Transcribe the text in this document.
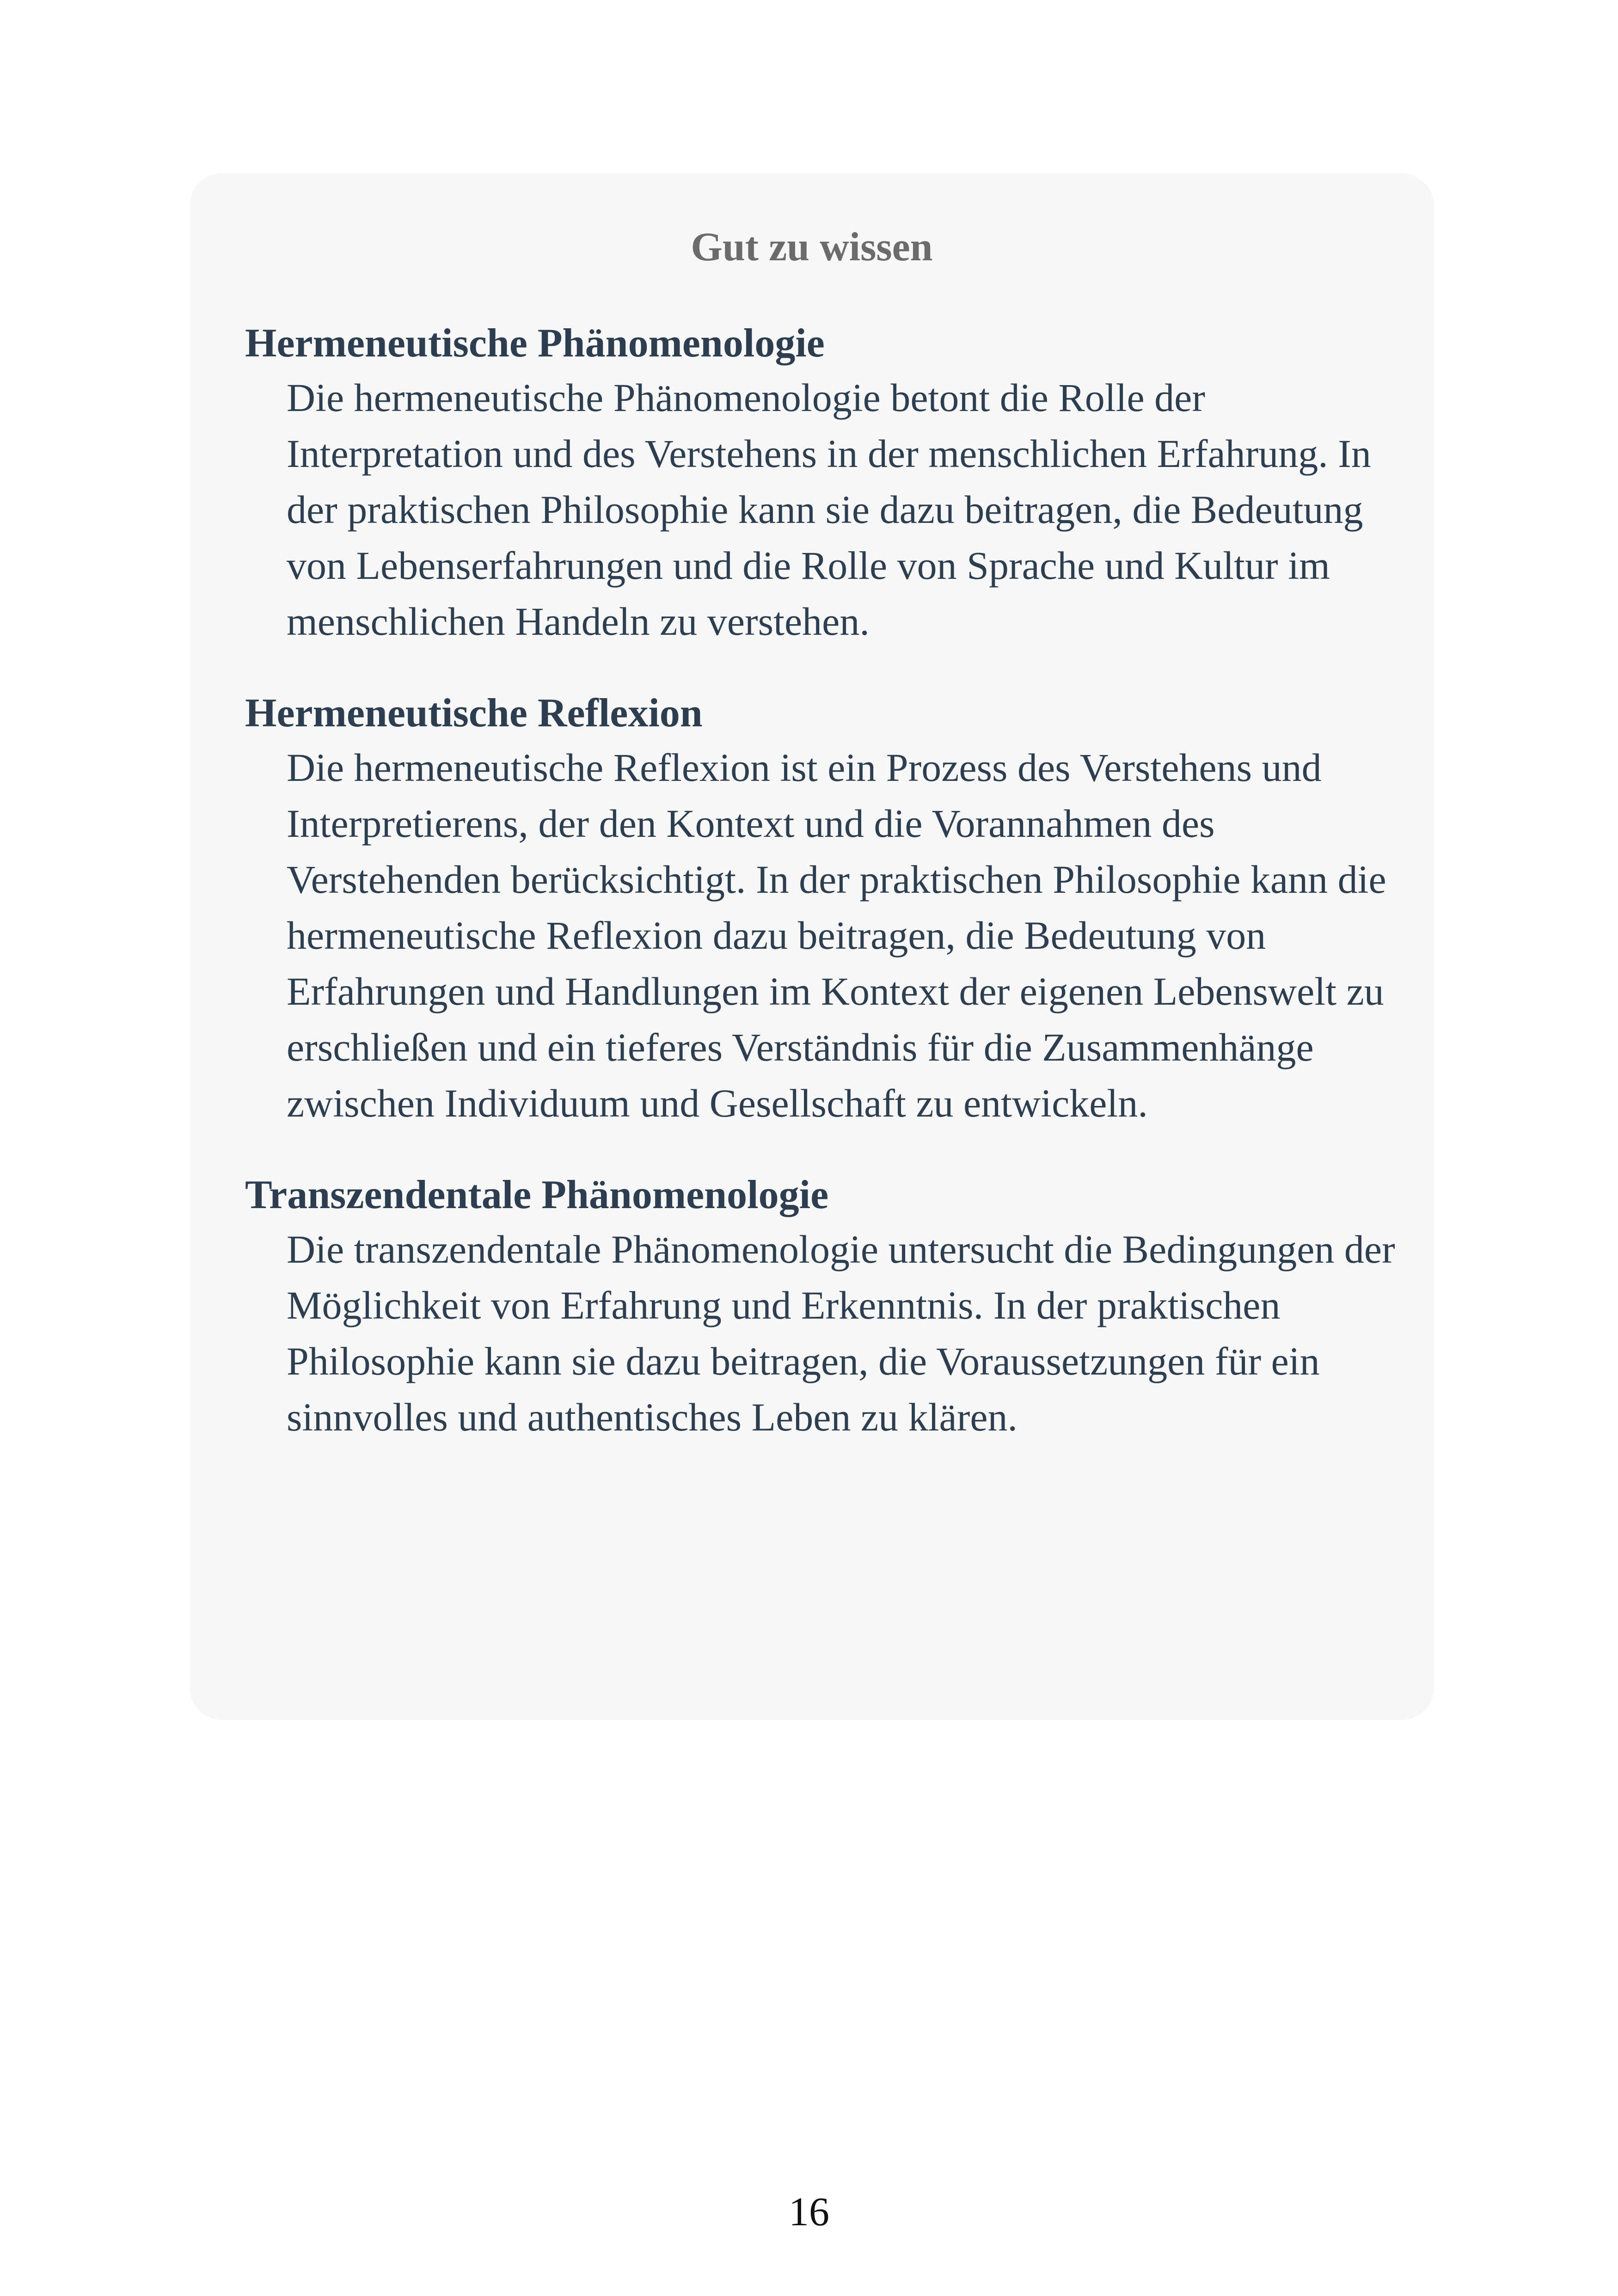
Gut zu wissen
Hermeneutische Phänomenologie
Die hermeneutische Phänomenologie betont die Rolle der Interpretation und des Verstehens in der menschlichen Erfahrung. In der praktischen Philosophie kann sie dazu beitragen, die Bedeutung von Lebenserfahrungen und die Rolle von Sprache und Kultur im menschlichen Handeln zu verstehen.
Hermeneutische Reflexion
Die hermeneutische Reflexion ist ein Prozess des Verstehens und Interpretierens, der den Kontext und die Vorannahmen des Verstehenden berücksichtigt. In der praktischen Philosophie kann die hermeneutische Reflexion dazu beitragen, die Bedeutung von Erfahrungen und Handlungen im Kontext der eigenen Lebenswelt zu erschließen und ein tieferes Verständnis für die Zusammenhänge zwischen Individuum und Gesellschaft zu entwickeln.
Transzendentale Phänomenologie
Die transzendentale Phänomenologie untersucht die Bedingungen der Möglichkeit von Erfahrung und Erkenntnis. In der praktischen Philosophie kann sie dazu beitragen, die Voraussetzungen für ein sinnvolles und authentisches Leben zu klären.
16
